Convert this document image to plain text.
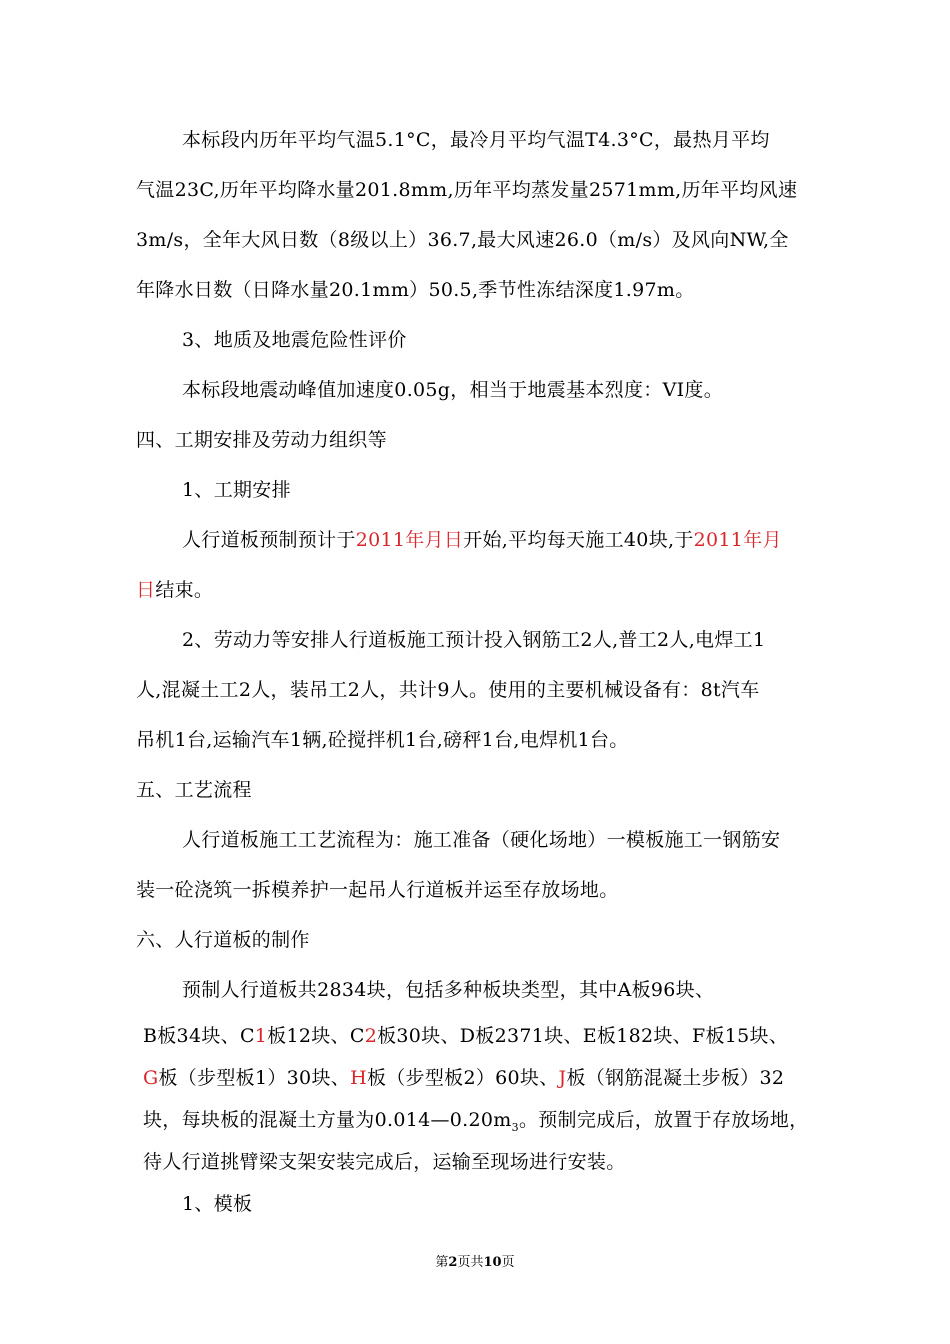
本标段内历年平均气温5.1°C，最冷月平均气温T4.3°C，最热月平均
气温23C,历年平均降水量201.8mm,历年平均蒸发量2571mm,历年平均风速
3m/s，全年大风日数（8级以上）36.7,最大风速26.0（m/s）及风向NW,全
年降水日数（日降水量20.1mm）50.5,季节性冻结深度1.97m。
3、地质及地震危险性评价
本标段地震动峰值加速度0.05g，相当于地震基本烈度：VI度。
四、工期安排及劳动力组织等
1、工期安排
人行道板预制预计于2011年月日开始,平均每天施工40块,于2011年月
日结束。
2、劳动力等安排人行道板施工预计投入钢筋工2人,普工2人,电焊工1
人,混凝土工2人，装吊工2人，共计9人。使用的主要机械设备有：8t汽车
吊机1台,运输汽车1辆,砼搅拌机1台,磅秤1台,电焊机1台。
五、工艺流程
人行道板施工工艺流程为：施工准备（硬化场地）一模板施工一钢筋安
装一砼浇筑一拆模养护一起吊人行道板并运至存放场地。
六、人行道板的制作
预制人行道板共2834块，包括多种板块类型，其中A板96块、
B板34块、C1板12块、C2板30块、D板2371块、E板182块、F板15块、
G板（步型板1）30块、H板（步型板2）60块、J板（钢筋混凝土步板）32
块，每块板的混凝土方量为$0.014—0.20m_3$。预制完成后，放置于存放场地，
待人行道挑臂梁支架安装完成后，运输至现场进行安装。
1、模板
第2页共10页
